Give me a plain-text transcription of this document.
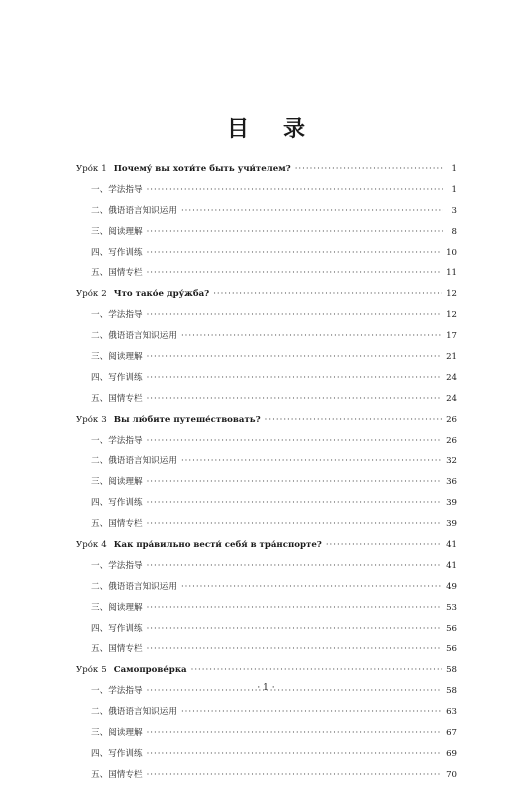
目 录
Уро́к 1 Почему́ вы хоти́те быть учи́телем? ·····	1
一、学法指导 ·····	1
二、俄语语言知识运用 ·····	3
三、阅读理解 ·····	8
四、写作训练 ·····	10
五、国情专栏 ·····	11
Уро́к 2 Что тако́е дру́жба? ·····	12
一、学法指导 ·····	12
二、俄语语言知识运用 ·····	17
三、阅读理解 ·····	21
四、写作训练 ·····	24
五、国情专栏 ·····	24
Уро́к 3 Вы лю́бите путеше́ствовать? ·····	26
一、学法指导 ·····	26
二、俄语语言知识运用 ·····	32
三、阅读理解 ·····	36
四、写作训练 ·····	39
五、国情专栏 ·····	39
Уро́к 4 Как пра́вильно вести́ себя́ в тра́нспорте? ·····	41
一、学法指导 ·····	41
二、俄语语言知识运用 ·····	49
三、阅读理解 ·····	53
四、写作训练 ·····	56
五、国情专栏 ·····	56
Уро́к 5 Самопрове́рка ·····	58
一、学法指导 ·····	58
二、俄语语言知识运用 ·····	63
三、阅读理解 ·····	67
四、写作训练 ·····	69
五、国情专栏 ·····	70
· 1 ·
